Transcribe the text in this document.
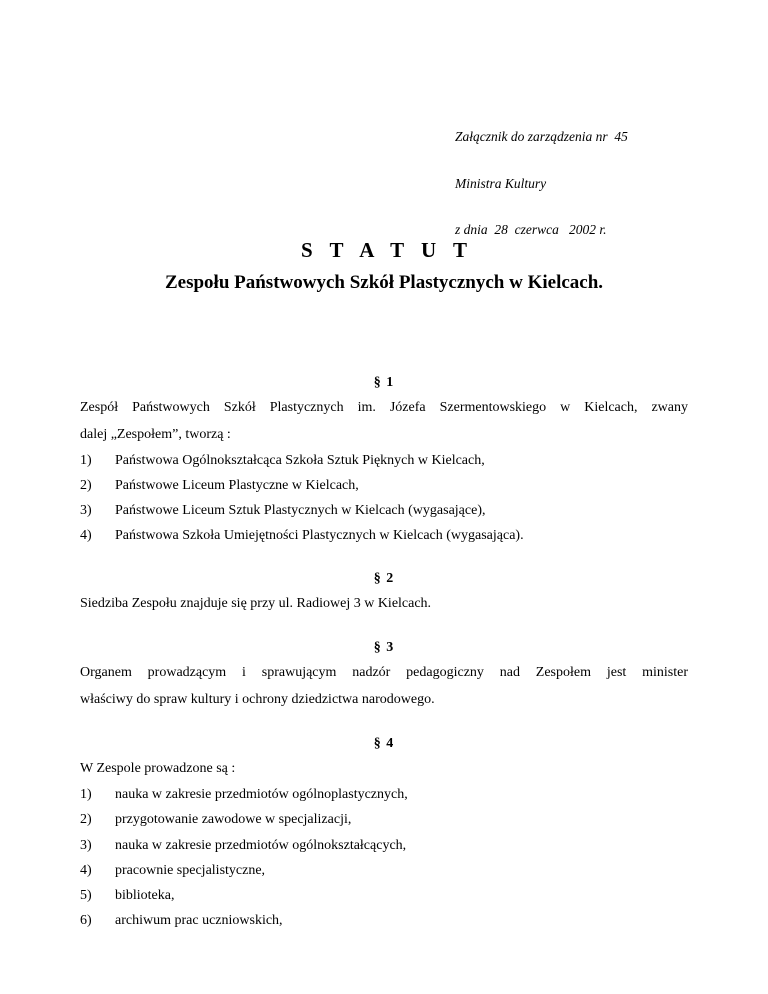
Załącznik do zarządzenia nr  45

Ministra Kultury

z dnia  28  czerwca   2002 r.

S T A T U T
Zespołu Państwowych Szkół Plastycznych w Kielcach.
§ 1
Zespół Państwowych Szkół Plastycznych im. Józefa Szermentowskiego w Kielcach, zwany
dalej „Zespołem”, tworzą :
1) Państwowa Ogólnokształcąca Szkoła Sztuk Pięknych w Kielcach,
2) Państwowe Liceum Plastyczne w Kielcach,
3) Państwowe Liceum Sztuk Plastycznych w Kielcach (wygasające),
4) Państwowa Szkoła Umiejętności Plastycznych w Kielcach (wygasająca).
§ 2
Siedziba Zespołu znajduje się przy ul. Radiowej 3 w Kielcach.
§ 3
Organem prowadzącym i sprawującym nadzór pedagogiczny nad Zespołem jest minister
właściwy do spraw kultury i ochrony dziedzictwa narodowego.
§ 4
W Zespole prowadzone są :
1) nauka w zakresie przedmiotów ogólnoplastycznych,
2) przygotowanie zawodowe w specjalizacji,
3) nauka w zakresie przedmiotów ogólnokształcących,
4) pracownie specjalistyczne,
5) biblioteka,
6) archiwum prac uczniowskich,
